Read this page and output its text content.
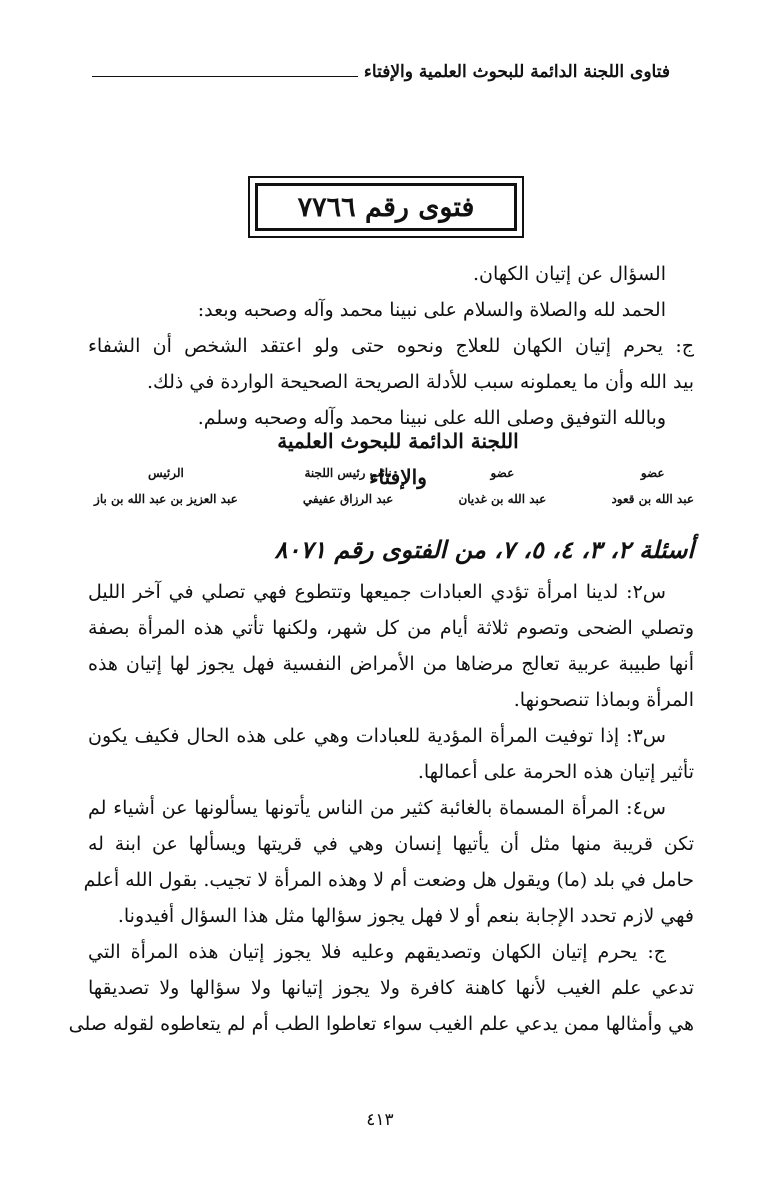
فتاوى اللجنة الدائمة للبحوث العلمية والإفتاء
فتوى رقم ٧٧٦٦
السؤال عن إتيان الكهان.
الحمد لله والصلاة والسلام على نبينا محمد وآله وصحبه وبعد:
ج: يحرم إتيان الكهان للعلاج ونحوه حتى ولو اعتقد الشخص أن الشفاء
بيد الله وأن ما يعملونه سبب للأدلة الصريحة الصحيحة الواردة في ذلك.
وبالله التوفيق وصلى الله على نبينا محمد وآله وصحبه وسلم.
اللجنة الدائمة للبحوث العلمية والإفتاء	عضو
عبد الله بن قعود
عضو
عبد الله بن غديان
نائب رئيس اللجنة
عبد الرزاق عفيفي
الرئيس
عبد العزيز بن عبد الله بن باز
أسئلة ٢، ٣، ٤، ٥، ٧، من الفتوى رقم ٨٠٧١
س٢: لدينا امرأة تؤدي العبادات جميعها وتتطوع فهي تصلي في آخر الليل
وتصلي الضحى وتصوم ثلاثة أيام من كل شهر، ولكنها تأتي هذه المرأة بصفة
أنها طبيبة عربية تعالج مرضاها من الأمراض النفسية فهل يجوز لها إتيان هذه
المرأة وبماذا تنصحونها.
س٣: إذا توفيت المرأة المؤدية للعبادات وهي على هذه الحال فكيف يكون
تأثير إتيان هذه الحرمة على أعمالها.
س٤: المرأة المسماة بالغائبة كثير من الناس يأتونها يسألونها عن أشياء لم
تكن قريبة منها مثل أن يأتيها إنسان وهي في قريتها ويسألها عن ابنة له
حامل في بلد (ما) ويقول هل وضعت أم لا وهذه المرأة لا تجيب. بقول الله أعلم
فهي لازم تحدد الإجابة بنعم أو لا فهل يجوز سؤالها مثل هذا السؤال أفيدونا.
ج: يحرم إتيان الكهان وتصديقهم وعليه فلا يجوز إتيان هذه المرأة التي
تدعي علم الغيب لأنها كاهنة كافرة ولا يجوز إتيانها ولا سؤالها ولا تصديقها
هي وأمثالها ممن يدعي علم الغيب سواء تعاطوا الطب أم لم يتعاطوه لقوله صلى
٤١٣
